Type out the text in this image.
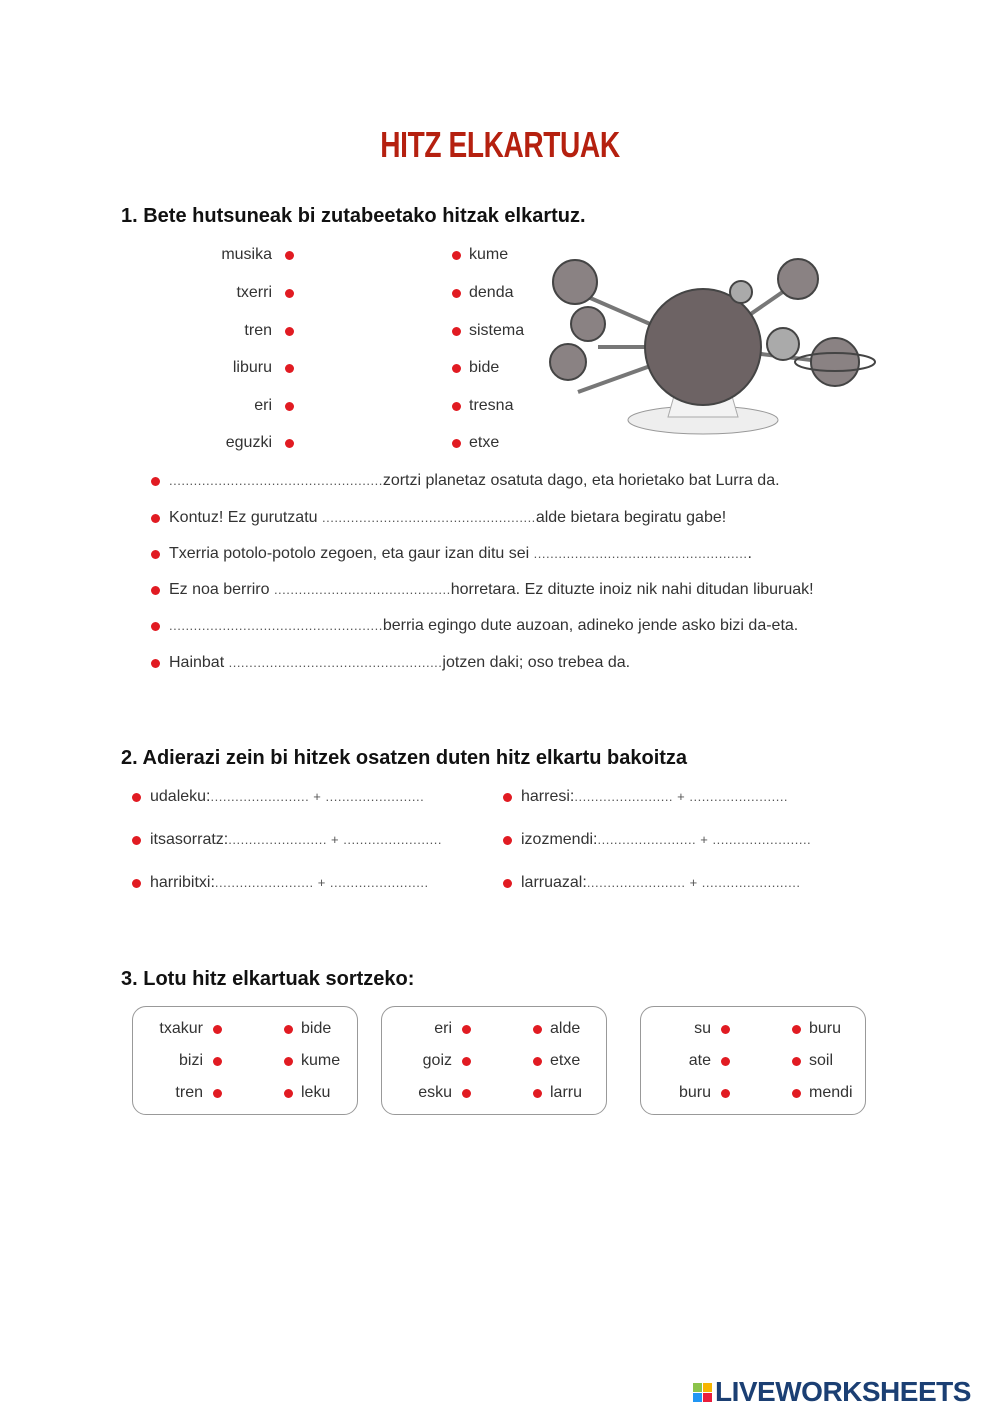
HITZ ELKARTUAK
1. Bete hutsuneak bi zutabeetako hitzak elkartuz.
musika	kume
txerri	denda
tren	sistema
liburu	bide
eri	tresna
eguzki	etxe
....................................................zortzi planetaz osatuta dago, eta horietako bat Lurra da.
Kontuz! Ez gurutzatu ....................................................alde bietara begiratu gabe!
Txerria potolo-potolo zegoen, eta gaur izan ditu sei .....................................................
Ez noa berriro ...........................................horretara. Ez dituzte inoiz nik nahi ditudan liburuak!
....................................................berria egingo dute auzoan, adineko jende asko bizi da-eta.
Hainbat ....................................................jotzen daki; oso trebea da.
2. Adierazi zein bi hitzek osatzen duten hitz elkartu bakoitza
udaleku:........................ + ........................	harresi:........................ + ........................
itsasorratz:........................ + ........................	izozmendi:........................ + ........................
harribitxi:........................ + ........................	larruazal:........................ + ........................
3. Lotu hitz elkartuak sortzeko:
txakur	bide
bizi	kume
tren	leku
eri	alde
goiz	etxe
esku	larru
su	buru
ate	soil
buru	mendi
LIVEWORKSHEETS
